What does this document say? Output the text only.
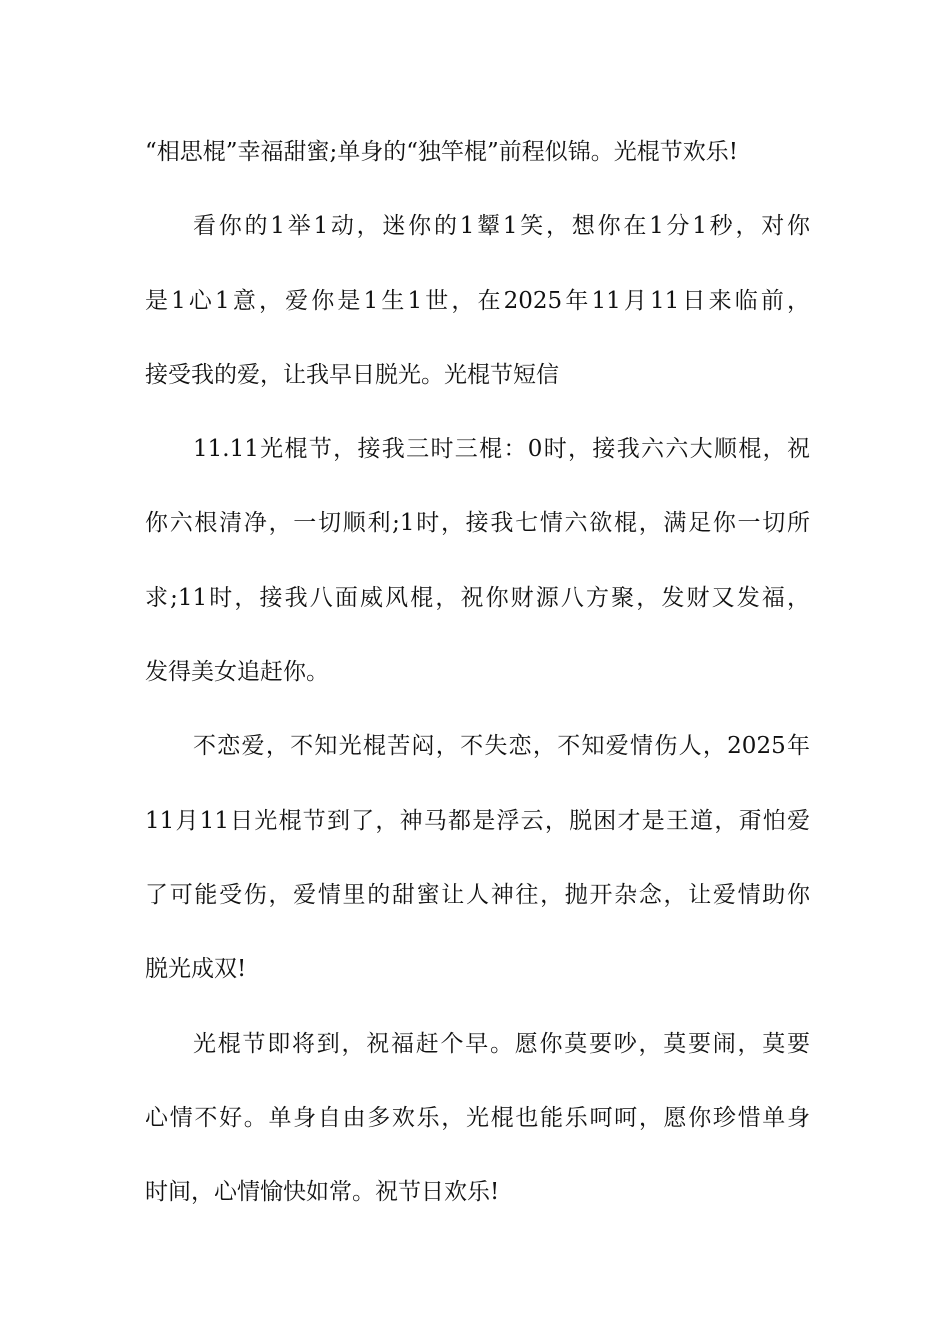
“相思棍”幸福甜蜜;单身的“独竿棍”前程似锦。光棍节欢乐!
看你的1举1动，迷你的1颦1笑，想你在1分1秒，对你
是1心1意，爱你是1生1世，在2025年11月11日来临前，
接受我的爱，让我早日脱光。光棍节短信
11.11光棍节，接我三时三棍：0时，接我六六大顺棍，祝
你六根清净，一切顺利;1时，接我七情六欲棍，满足你一切所
求;11时，接我八面威风棍，祝你财源八方聚，发财又发福，
发得美女追赶你。
不恋爱，不知光棍苦闷，不失恋，不知爱情伤人，2025年
11月11日光棍节到了，神马都是浮云，脱困才是王道，甭怕爱
了可能受伤，爱情里的甜蜜让人神往，抛开杂念，让爱情助你
脱光成双!
光棍节即将到，祝福赶个早。愿你莫要吵，莫要闹，莫要
心情不好。单身自由多欢乐，光棍也能乐呵呵，愿你珍惜单身
时间，心情愉快如常。祝节日欢乐!
